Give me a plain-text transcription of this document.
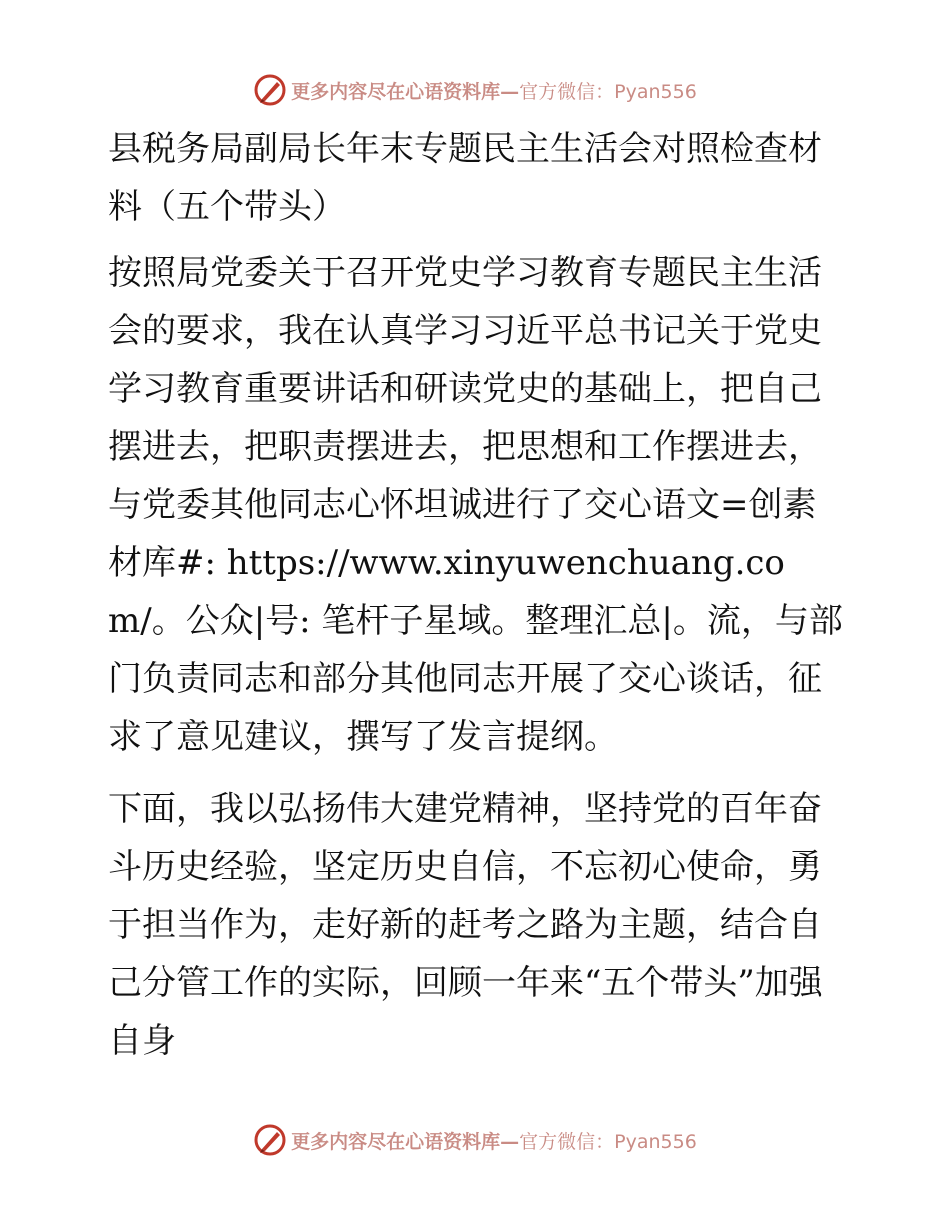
更多内容尽在心语资料库— 官方微信：Pyan556

县税务局副局长年末专题民主生活会对照检查材料（五个带头）

按照局党委关于召开党史学习教育专题民主生活会的要求，我在认真学习习近平总书记关于党史学习教育重要讲话和研读党史的基础上，把自己摆进去，把职责摆进去，把思想和工作摆进去，与党委其他同志心怀坦诚进行了交心语文=创素材库#: https://www.xinyuwenchuang.com/。公众|号: 笔杆子星域。整理汇总|。流，与部门负责同志和部分其他同志开展了交心谈话，征求了意见建议，撰写了发言提纲。

下面，我以弘扬伟大建党精神，坚持党的百年奋斗历史经验，坚定历史自信，不忘初心使命，勇于担当作为，走好新的赶考之路为主题，结合自己分管工作的实际，回顾一年来“五个带头”加强自身

更多内容尽在心语资料库— 官方微信：Pyan556
